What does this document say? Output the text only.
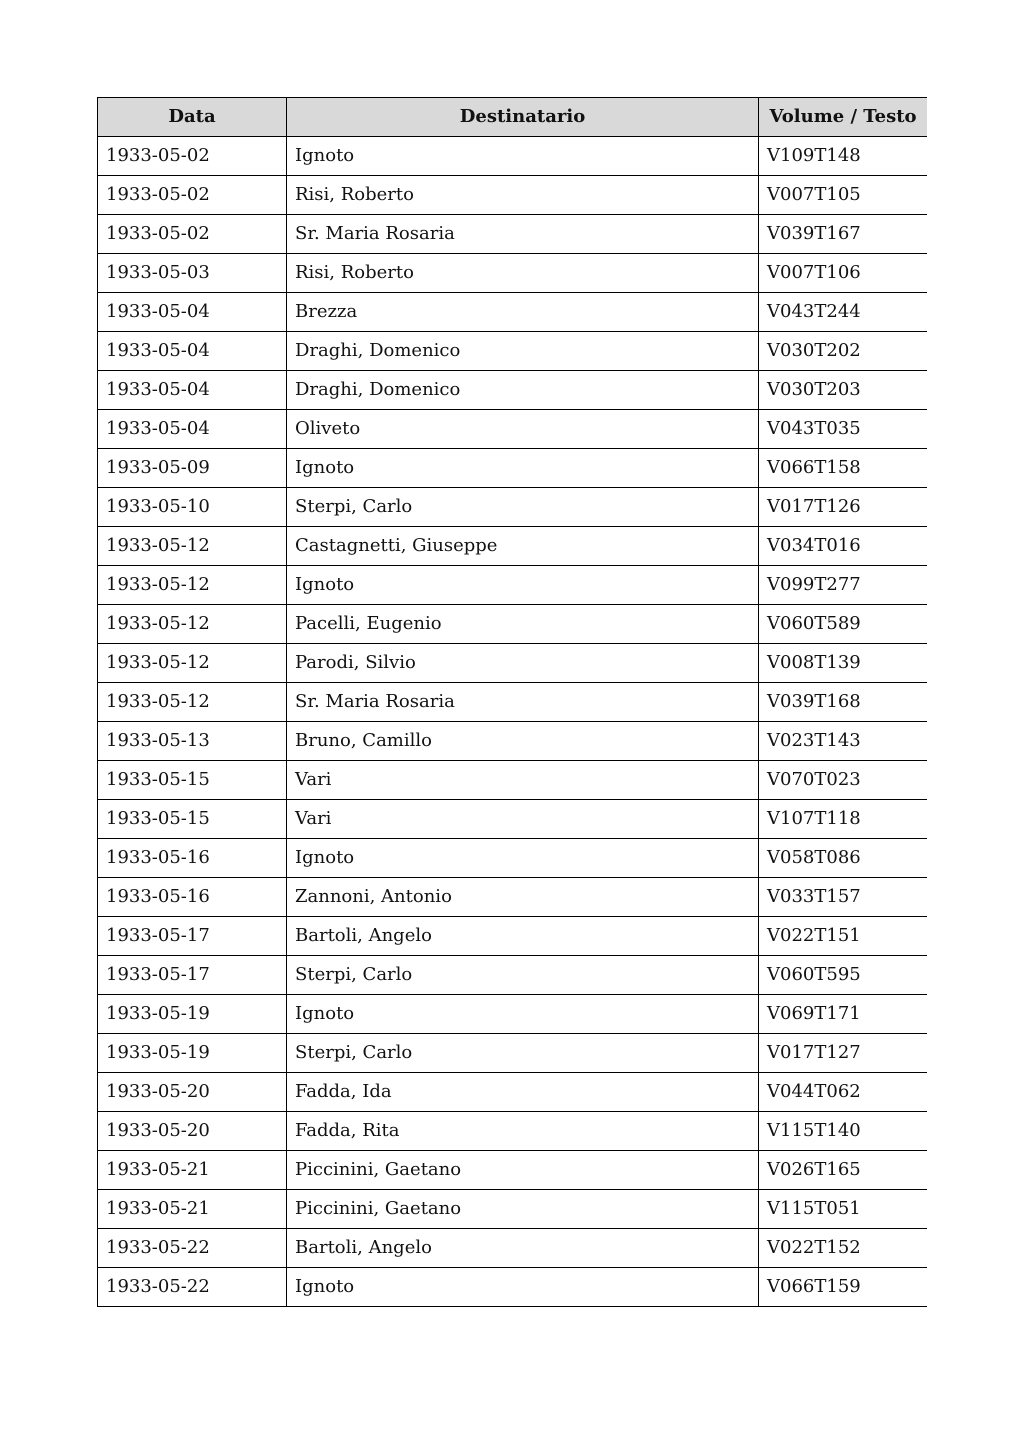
Data	Destinatario	Volume / Testo
1933-05-02	Ignoto	V109T148
1933-05-02	Risi, Roberto	V007T105
1933-05-02	Sr. Maria Rosaria	V039T167
1933-05-03	Risi, Roberto	V007T106
1933-05-04	Brezza	V043T244
1933-05-04	Draghi, Domenico	V030T202
1933-05-04	Draghi, Domenico	V030T203
1933-05-04	Oliveto	V043T035
1933-05-09	Ignoto	V066T158
1933-05-10	Sterpi, Carlo	V017T126
1933-05-12	Castagnetti, Giuseppe	V034T016
1933-05-12	Ignoto	V099T277
1933-05-12	Pacelli, Eugenio	V060T589
1933-05-12	Parodi, Silvio	V008T139
1933-05-12	Sr. Maria Rosaria	V039T168
1933-05-13	Bruno, Camillo	V023T143
1933-05-15	Vari	V070T023
1933-05-15	Vari	V107T118
1933-05-16	Ignoto	V058T086
1933-05-16	Zannoni, Antonio	V033T157
1933-05-17	Bartoli, Angelo	V022T151
1933-05-17	Sterpi, Carlo	V060T595
1933-05-19	Ignoto	V069T171
1933-05-19	Sterpi, Carlo	V017T127
1933-05-20	Fadda, Ida	V044T062
1933-05-20	Fadda, Rita	V115T140
1933-05-21	Piccinini, Gaetano	V026T165
1933-05-21	Piccinini, Gaetano	V115T051
1933-05-22	Bartoli, Angelo	V022T152
1933-05-22	Ignoto	V066T159
